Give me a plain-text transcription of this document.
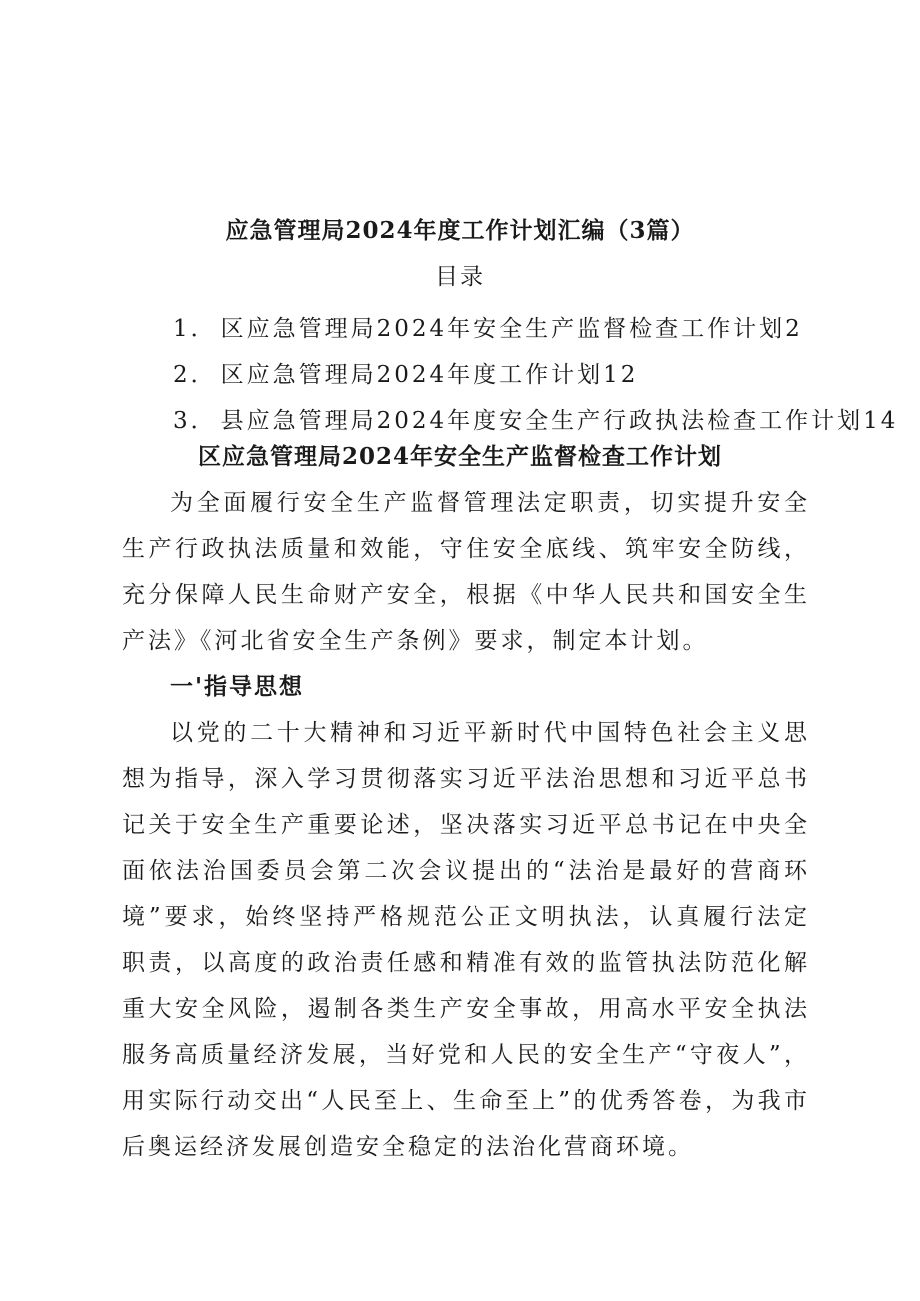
应急管理局2024年度工作计划汇编（3篇）
目录
1． 区应急管理局2024年安全生产监督检查工作计划2
2． 区应急管理局2024年度工作计划12
3． 县应急管理局2024年度安全生产行政执法检查工作计划14
区应急管理局2024年安全生产监督检查工作计划

为全面履行安全生产监督管理法定职责，切实提升安全生产行政执法质量和效能，守住安全底线、筑牢安全防线，充分保障人民生命财产安全，根据《中华人民共和国安全生产法》《河北省安全生产条例》要求，制定本计划。

一'指导思想

以党的二十大精神和习近平新时代中国特色社会主义思想为指导，深入学习贯彻落实习近平法治思想和习近平总书记关于安全生产重要论述，坚决落实习近平总书记在中央全面依法治国委员会第二次会议提出的“法治是最好的营商环境”要求，始终坚持严格规范公正文明执法，认真履行法定职责，以高度的政治责任感和精准有效的监管执法防范化解重大安全风险，遏制各类生产安全事故，用高水平安全执法服务高质量经济发展，当好党和人民的安全生产“守夜人”，用实际行动交出“人民至上、生命至上”的优秀答卷，为我市后奥运经济发展创造安全稳定的法治化营商环境。
